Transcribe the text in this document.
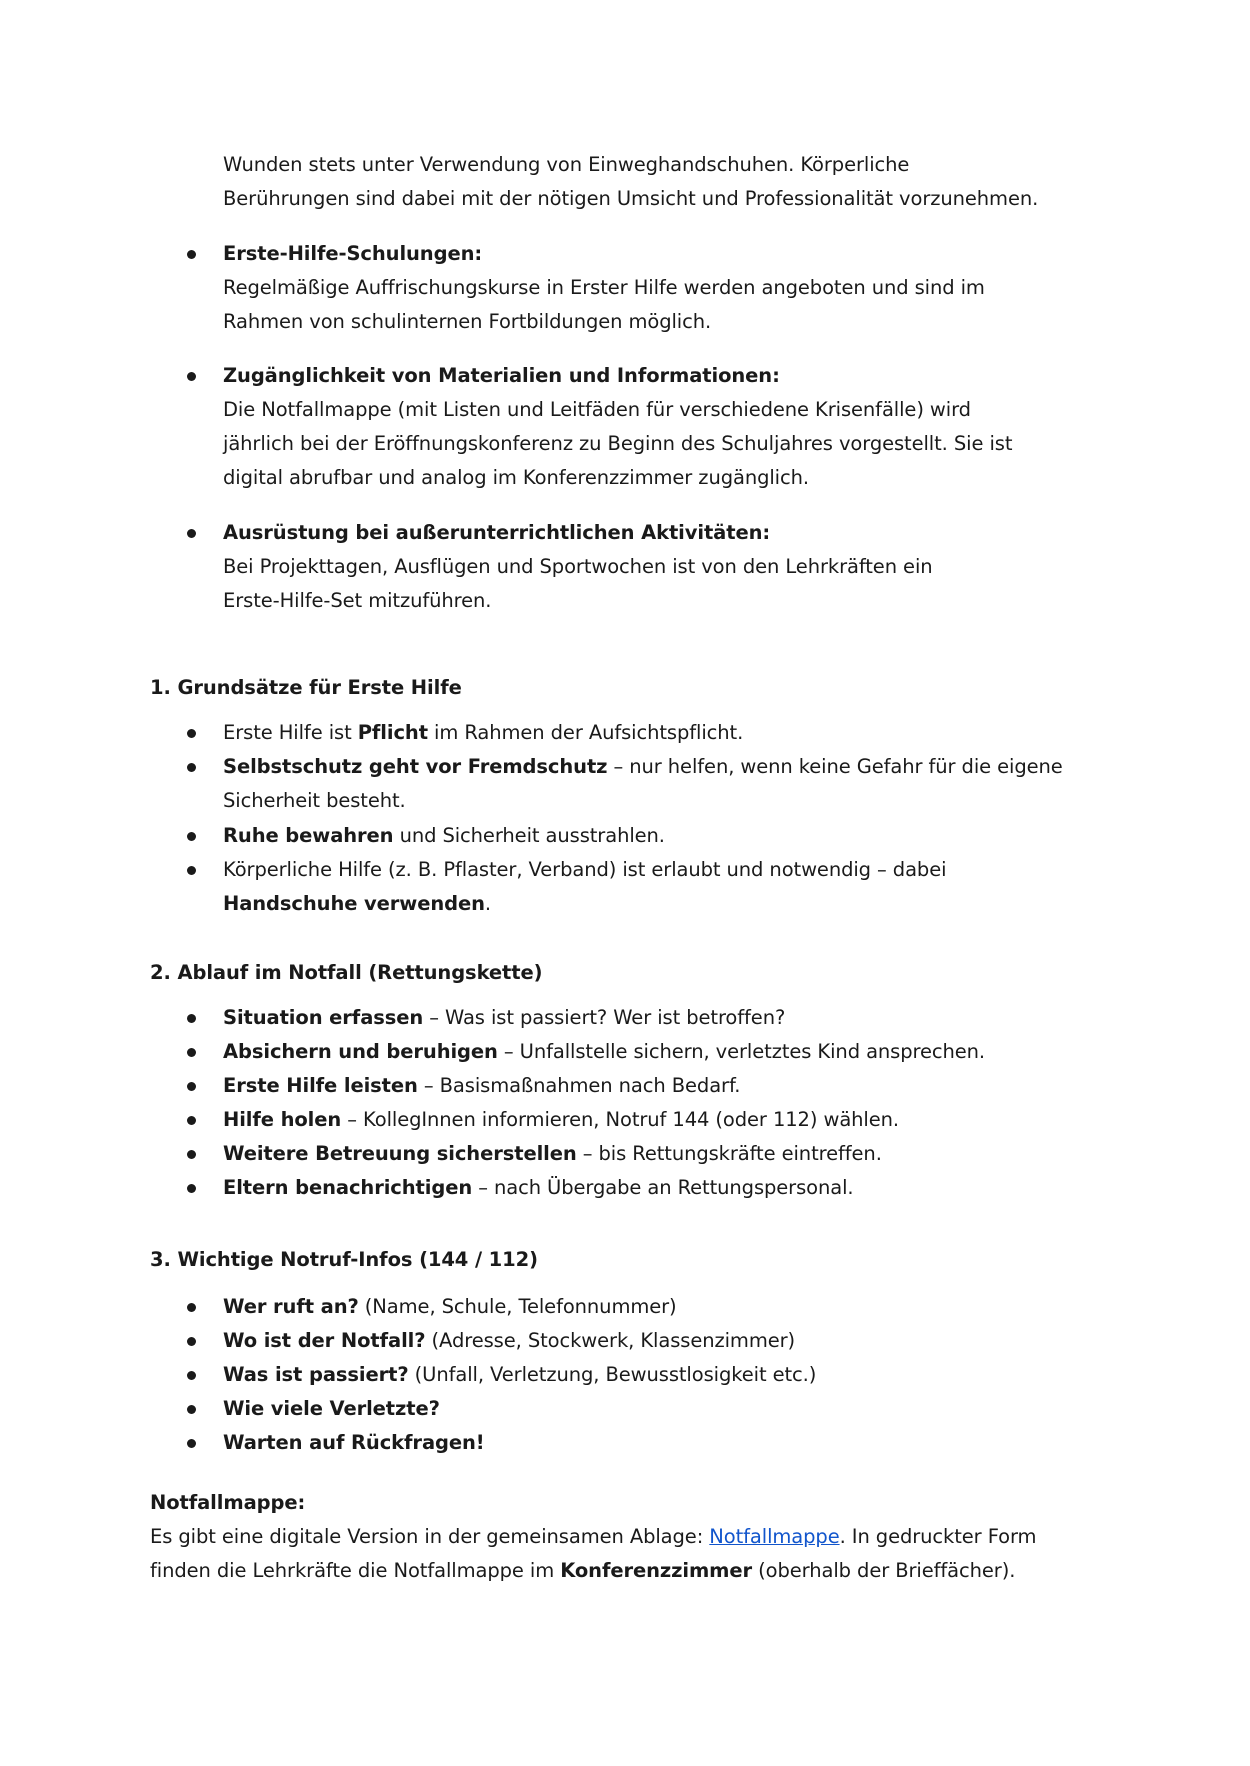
Wunden stets unter Verwendung von Einweghandschuhen. Körperliche
Berührungen sind dabei mit der nötigen Umsicht und Professionalität vorzunehmen.
Erste-Hilfe-Schulungen:
Regelmäßige Auffrischungskurse in Erster Hilfe werden angeboten und sind im
Rahmen von schulinternen Fortbildungen möglich.
Zugänglichkeit von Materialien und Informationen:
Die Notfallmappe (mit Listen und Leitfäden für verschiedene Krisenfälle) wird
jährlich bei der Eröffnungskonferenz zu Beginn des Schuljahres vorgestellt. Sie ist
digital abrufbar und analog im Konferenzzimmer zugänglich.
Ausrüstung bei außerunterrichtlichen Aktivitäten:
Bei Projekttagen, Ausflügen und Sportwochen ist von den Lehrkräften ein
Erste-Hilfe-Set mitzuführen.
1. Grundsätze für Erste Hilfe
Erste Hilfe ist Pflicht im Rahmen der Aufsichtspflicht.
Selbstschutz geht vor Fremdschutz – nur helfen, wenn keine Gefahr für die eigene
Sicherheit besteht.
Ruhe bewahren und Sicherheit ausstrahlen.
Körperliche Hilfe (z. B. Pflaster, Verband) ist erlaubt und notwendig – dabei
Handschuhe verwenden.
2. Ablauf im Notfall (Rettungskette)
Situation erfassen – Was ist passiert? Wer ist betroffen?
Absichern und beruhigen – Unfallstelle sichern, verletztes Kind ansprechen.
Erste Hilfe leisten – Basismaßnahmen nach Bedarf.
Hilfe holen – KollegInnen informieren, Notruf 144 (oder 112) wählen.
Weitere Betreuung sicherstellen – bis Rettungskräfte eintreffen.
Eltern benachrichtigen – nach Übergabe an Rettungspersonal.
3. Wichtige Notruf-Infos (144 / 112)
Wer ruft an? (Name, Schule, Telefonnummer)
Wo ist der Notfall? (Adresse, Stockwerk, Klassenzimmer)
Was ist passiert? (Unfall, Verletzung, Bewusstlosigkeit etc.)
Wie viele Verletzte?
Warten auf Rückfragen!
Notfallmappe:
Es gibt eine digitale Version in der gemeinsamen Ablage: Notfallmappe. In gedruckter Form
finden die Lehrkräfte die Notfallmappe im Konferenzzimmer (oberhalb der Brieffächer).
